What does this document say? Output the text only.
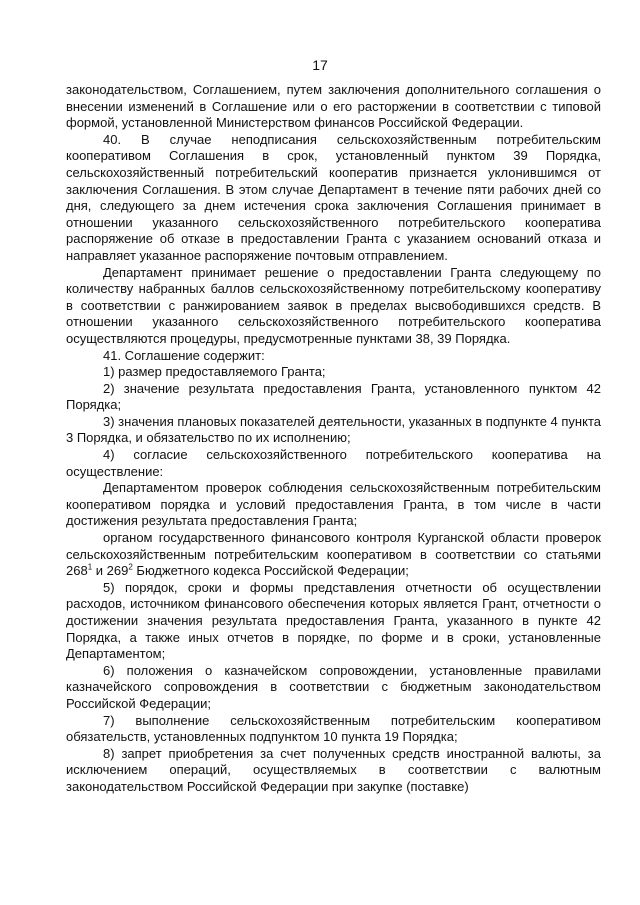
17

законодательством, Соглашением, путем заключения дополнительного соглашения о внесении изменений в Соглашение или о его расторжении в соответствии с типовой формой, установленной Министерством финансов Российской Федерации.

40. В случае неподписания сельскохозяйственным потребительским кооперативом Соглашения в срок, установленный пунктом 39 Порядка, сельскохозяйственный потребительский кооператив признается уклонившимся от заключения Соглашения. В этом случае Департамент в течение пяти рабочих дней со дня, следующего за днем истечения срока заключения Соглашения принимает в отношении указанного сельскохозяйственного потребительского кооператива распоряжение об отказе в предоставлении Гранта с указанием оснований отказа и направляет указанное распоряжение почтовым отправлением.

Департамент принимает решение о предоставлении Гранта следующему по количеству набранных баллов сельскохозяйственному потребительскому кооперативу в соответствии с ранжированием заявок в пределах высвободившихся средств. В отношении указанного сельскохозяйственного потребительского кооператива осуществляются процедуры, предусмотренные пунктами 38, 39 Порядка.

41. Соглашение содержит:

1) размер предоставляемого Гранта;

2) значение результата предоставления Гранта, установленного пунктом 42 Порядка;

3) значения плановых показателей деятельности, указанных в подпункте 4 пункта 3 Порядка, и обязательство по их исполнению;

4) согласие сельскохозяйственного потребительского кооператива на осуществление:

Департаментом проверок соблюдения сельскохозяйственным потребительским кооперативом порядка и условий предоставления Гранта, в том числе в части достижения результата предоставления Гранта;

органом государственного финансового контроля Курганской области проверок сельскохозяйственным потребительским кооперативом в соответствии со статьями $268^1$ и $269^2$ Бюджетного кодекса Российской Федерации;

5) порядок, сроки и формы представления отчетности об осуществлении расходов, источником финансового обеспечения которых является Грант, отчетности о достижении значения результата предоставления Гранта, указанного в пункте 42 Порядка, а также иных отчетов в порядке, по форме и в сроки, установленные Департаментом;

6) положения о казначейском сопровождении, установленные правилами казначейского сопровождения в соответствии с бюджетным законодательством Российской Федерации;

7) выполнение сельскохозяйственным потребительским кооперативом обязательств, установленных подпунктом 10 пункта 19 Порядка;

8) запрет приобретения за счет полученных средств иностранной валюты, за исключением операций, осуществляемых в соответствии с валютным законодательством Российской Федерации при закупке (поставке)
